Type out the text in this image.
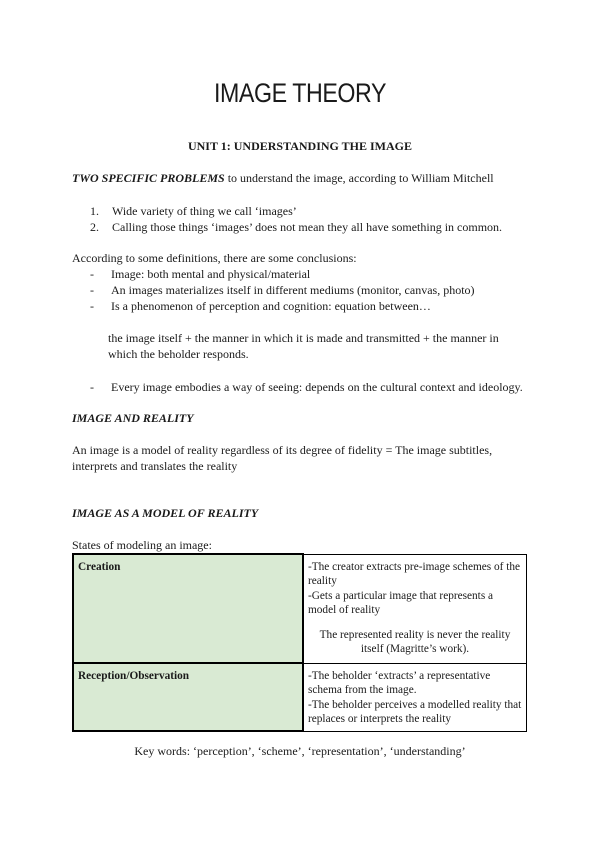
IMAGE THEORY
UNIT 1: UNDERSTANDING THE IMAGE
TWO SPECIFIC PROBLEMS to understand the image, according to William Mitchell
1. Wide variety of thing we call ‘images’
2. Calling those things ‘images’ does not mean they all have something in common.
According to some definitions, there are some conclusions:
- Image: both mental and physical/material
- An images materializes itself in different mediums (monitor, canvas, photo)
- Is a phenomenon of perception and cognition: equation between…
the image itself + the manner in which it is made and transmitted + the manner in
which the beholder responds.
- Every image embodies a way of seeing: depends on the cultural context and ideology.
IMAGE AND REALITY
An image is a model of reality regardless of its degree of fidelity = The image subtitles,
interprets and translates the reality
IMAGE AS A MODEL OF REALITY
States of modeling an image:
Creation	-The creator extracts pre-image schemes of the reality
-Gets a particular image that represents a model of reality
The represented reality is never the reality itself (Magritte’s work).

Reception/Observation	-The beholder ‘extracts’ a representative schema from the image.
-The beholder perceives a modelled reality that replaces or interprets the reality
Key words: ‘perception’, ‘scheme’, ‘representation’, ‘understanding’
